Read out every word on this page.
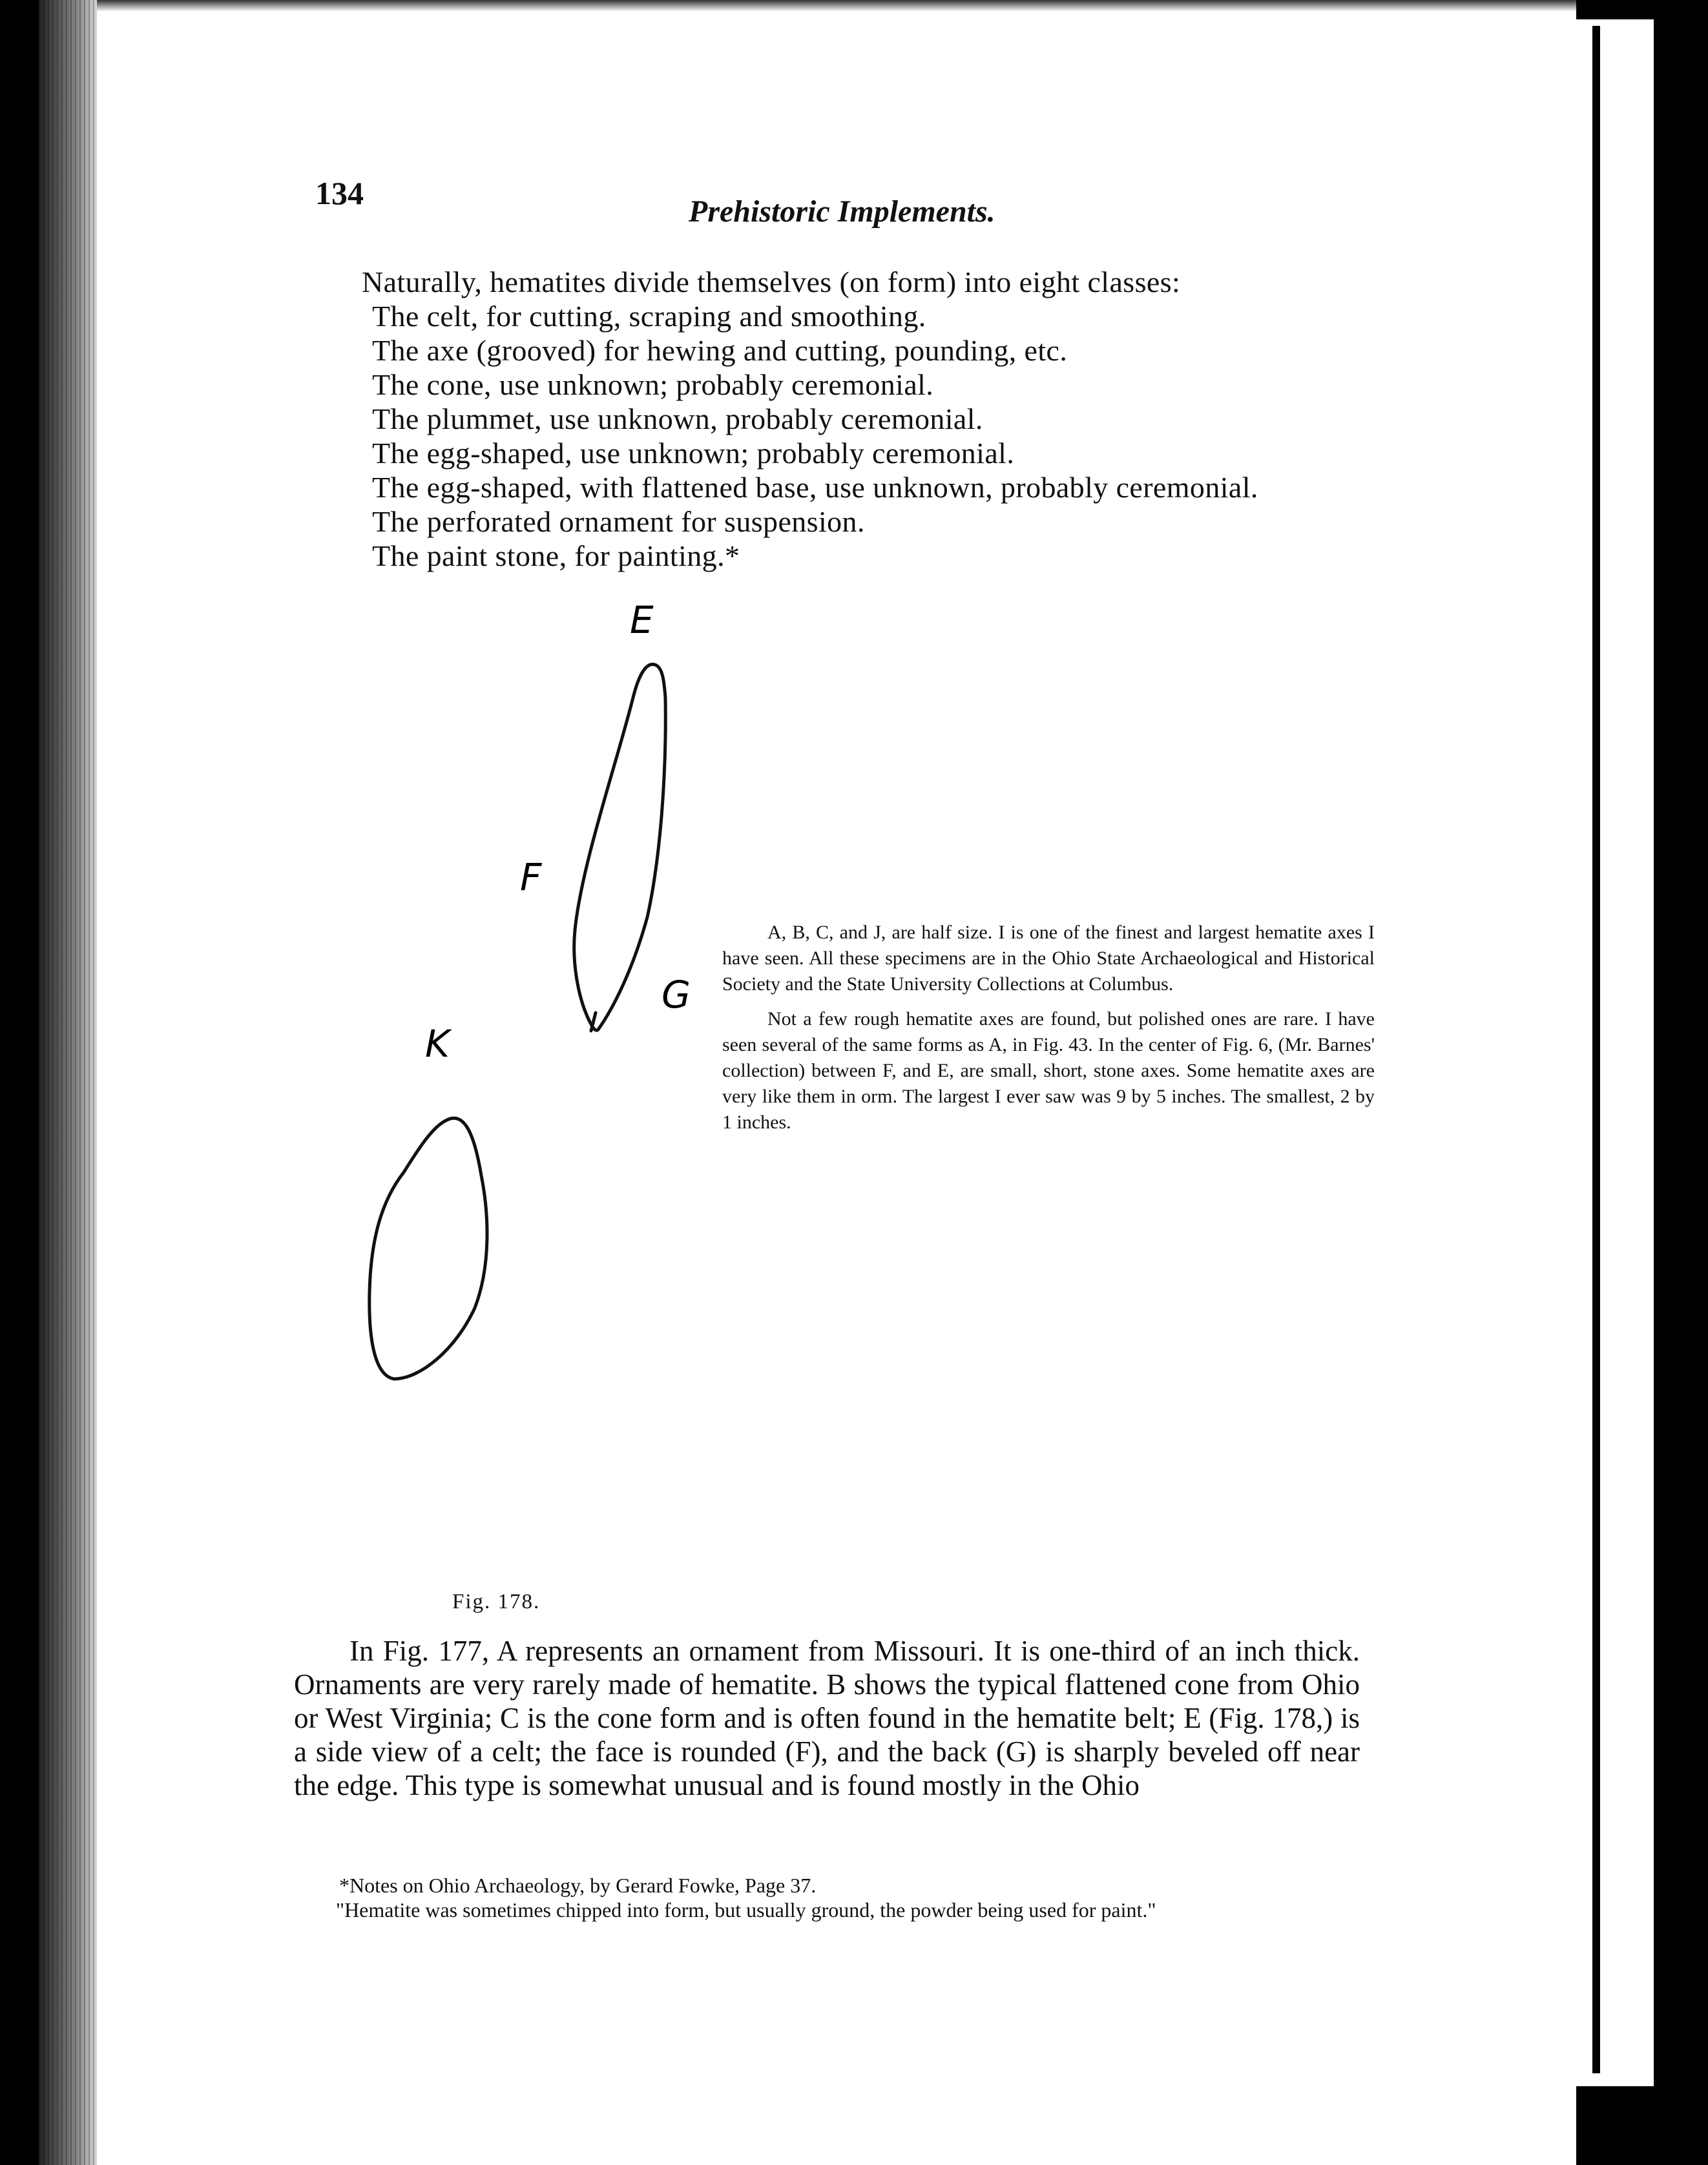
134
Prehistoric Implements.

Naturally, hematites divide themselves (on form) into eight classes:

The celt, for cutting, scraping and smoothing.

The axe (grooved) for hewing and cutting, pounding, etc.

The cone, use unknown; probably ceremonial.

The plummet, use unknown, probably ceremonial.

The egg-shaped, use unknown; probably ceremonial.

The egg-shaped, with flattened base, use unknown, probably ceremonial.

The perforated ornament for suspension.

The paint stone, for painting.*

E
F
G
K

A, B, C, and J, are half size. I is one of the finest and largest hematite axes I have seen. All these specimens are in the Ohio State Archaeological and Historical Society and the State University Collections at Columbus.

Not a few rough hematite axes are found, but polished ones are rare. I have seen several of the same forms as A, in Fig. 43. In the center of Fig. 6, (Mr. Barnes' collection) between F, and E, are small, short, stone axes. Some hematite axes are very like them in orm. The largest I ever saw was 9 by 5 inches. The smallest, 2 by 1 inches.

Fig. 178.

In Fig. 177, A represents an ornament from Missouri. It is one-third of an inch thick. Ornaments are very rarely made of hematite. B shows the typical flattened cone from Ohio or West Virginia; C is the cone form and is often found in the hematite belt; E (Fig. 178,) is a side view of a celt; the face is rounded (F), and the back (G) is sharply beveled off near the edge. This type is somewhat unusual and is found mostly in the Ohio

*Notes on Ohio Archaeology, by Gerard Fowke, Page 37.

"Hematite was sometimes chipped into form, but usually ground, the powder being used for paint."
